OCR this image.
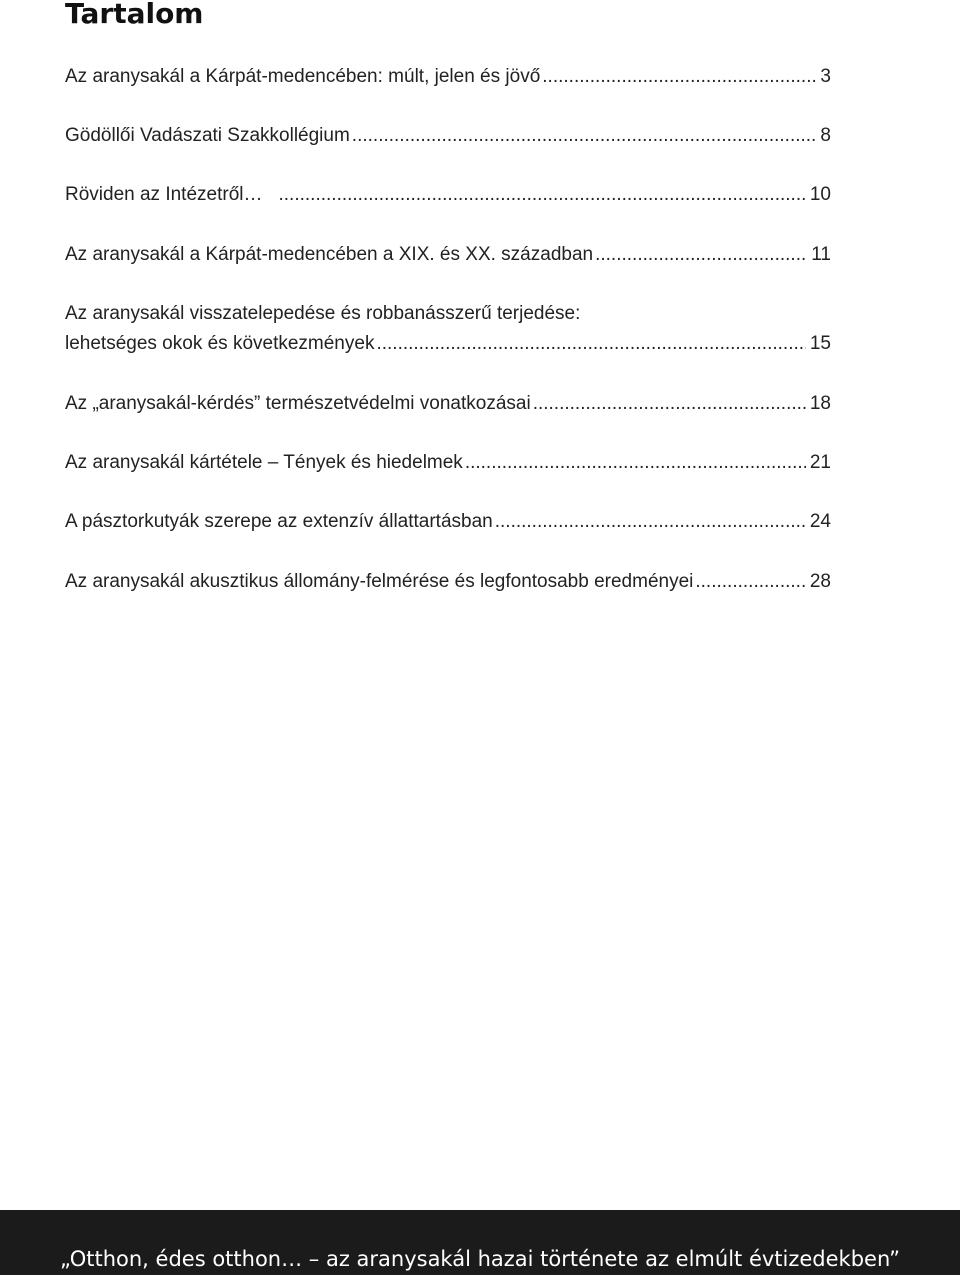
Tartalom
Az aranysakál a Kárpát-medencében: múlt, jelen és jövő .....	3
Gödöllői Vadászati Szakkollégium .....	8
Röviden az Intézetről… .....	10
Az aranysakál a Kárpát-medencében a XIX. és XX. században .....	11
Az aranysakál visszatelepedése és robbanásszerű terjedése:
lehetséges okok és következmények .....	15
Az „aranysakál-kérdés” természetvédelmi vonatkozásai .....	18
Az aranysakál kártétele – Tények és hiedelmek .....	21
A pásztorkutyák szerepe az extenzív állattartásban .....	24
Az aranysakál akusztikus állomány-felmérése és legfontosabb eredményei .....	28
„Otthon, édes otthon… – az aranysakál hazai története az elmúlt évtizedekben”
